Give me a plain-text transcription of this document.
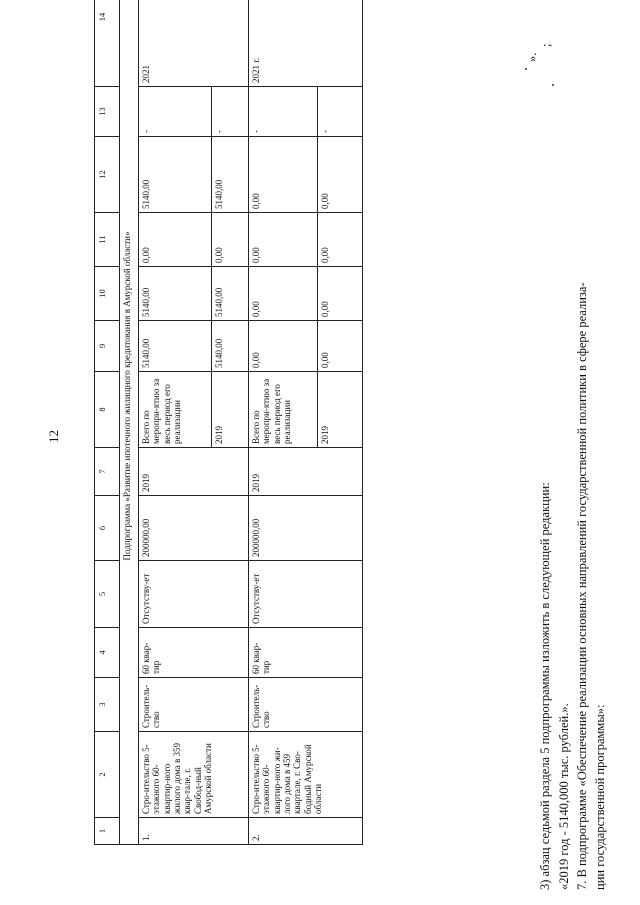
12
1	2	3	4	5	6	7	8	9	10	11	12	13	14
Подпрограмма «Развитие ипотечного жилищного кредитования в Амурской области»													
1.	Стро-ительство 5-этажного 60-квартир-ного жилого дома в 359 квар-тале, г. Свобод-ный Амурской области	Строитель-ство	60 квар-тир	Отсутству-ет	200000,00	2019	Всего по меропри-ятию за весь период его реализации	5140,00	5140,00	0,00	5140,00	-	2021
							2019	5140,00	5140,00	0,00	5140,00	-	
2.	Стро-ительство 5-этажного 60-квартир-ного жи-лого дома в 459 квартале, г. Сво-бодный Амурской области	Строитель-ство	60 квар-тир	Отсутству-ет	200000,00	2019	Всего по меропри-ятию за весь период его реализации	0,00	0,00	0,00	0,00	-	2021 г.
							2019	0,00	0,00	0,00	0,00	-	
».
;
3) абзац седьмой раздела 5 подпрограммы изложить в следующей редакции: «2019 год - 5140,000 тыс. рублей.». 7. В подпрограмме «Обеспечение реализации основных направлений государственной политики в сфере реализа- ции государственной программы»:
